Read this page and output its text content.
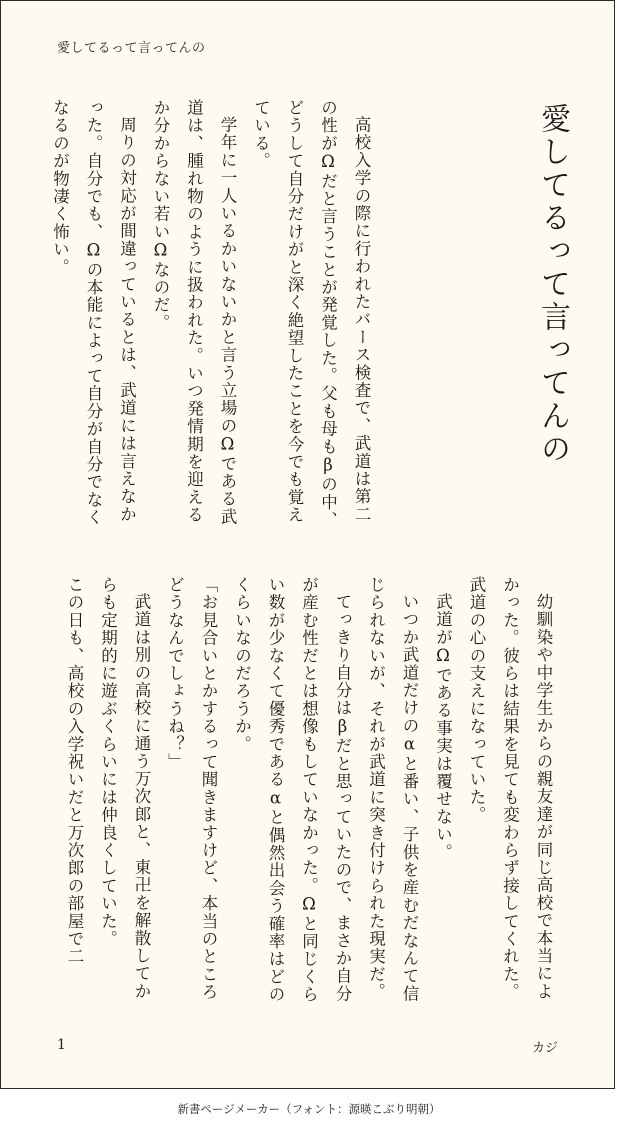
愛してるって言ってんの
愛してるって言ってんの

高校入学の際に行われたバース検査で、武道は第二の性がΩだと言うことが発覚した。父も母もβの中、どうして自分だけがと深く絶望したことを今でも覚えている。

学年に一人いるかいないかと言う立場のΩである武道は、腫れ物のように扱われた。いつ発情期を迎えるか分からない若いΩなのだ。

周りの対応が間違っているとは、武道には言えなかった。自分でも、Ωの本能によって自分が自分でなくなるのが物凄く怖い。

幼馴染や中学生からの親友達が同じ高校で本当によかった。彼らは結果を見ても変わらず接してくれた。武道の心の支えになっていた。

武道がΩである事実は覆せない。

いつか武道だけのαと番い、子供を産むだなんて信じられないが、それが武道に突き付けられた現実だ。

てっきり自分はβだと思っていたので、まさか自分が産む性だとは想像もしていなかった。Ωと同じくらい数が少なくて優秀であるαと偶然出会う確率はどのくらいなのだろうか。

「お見合いとかするって聞きますけど、本当のところどうなんでしょうね？」

武道は別の高校に通う万次郎と、東卍を解散してからも定期的に遊ぶくらいには仲良くしていた。

この日も、高校の入学祝いだと万次郎の部屋で二

1	カジ
新書ページメーカー（フォント：源暎こぶり明朝）
